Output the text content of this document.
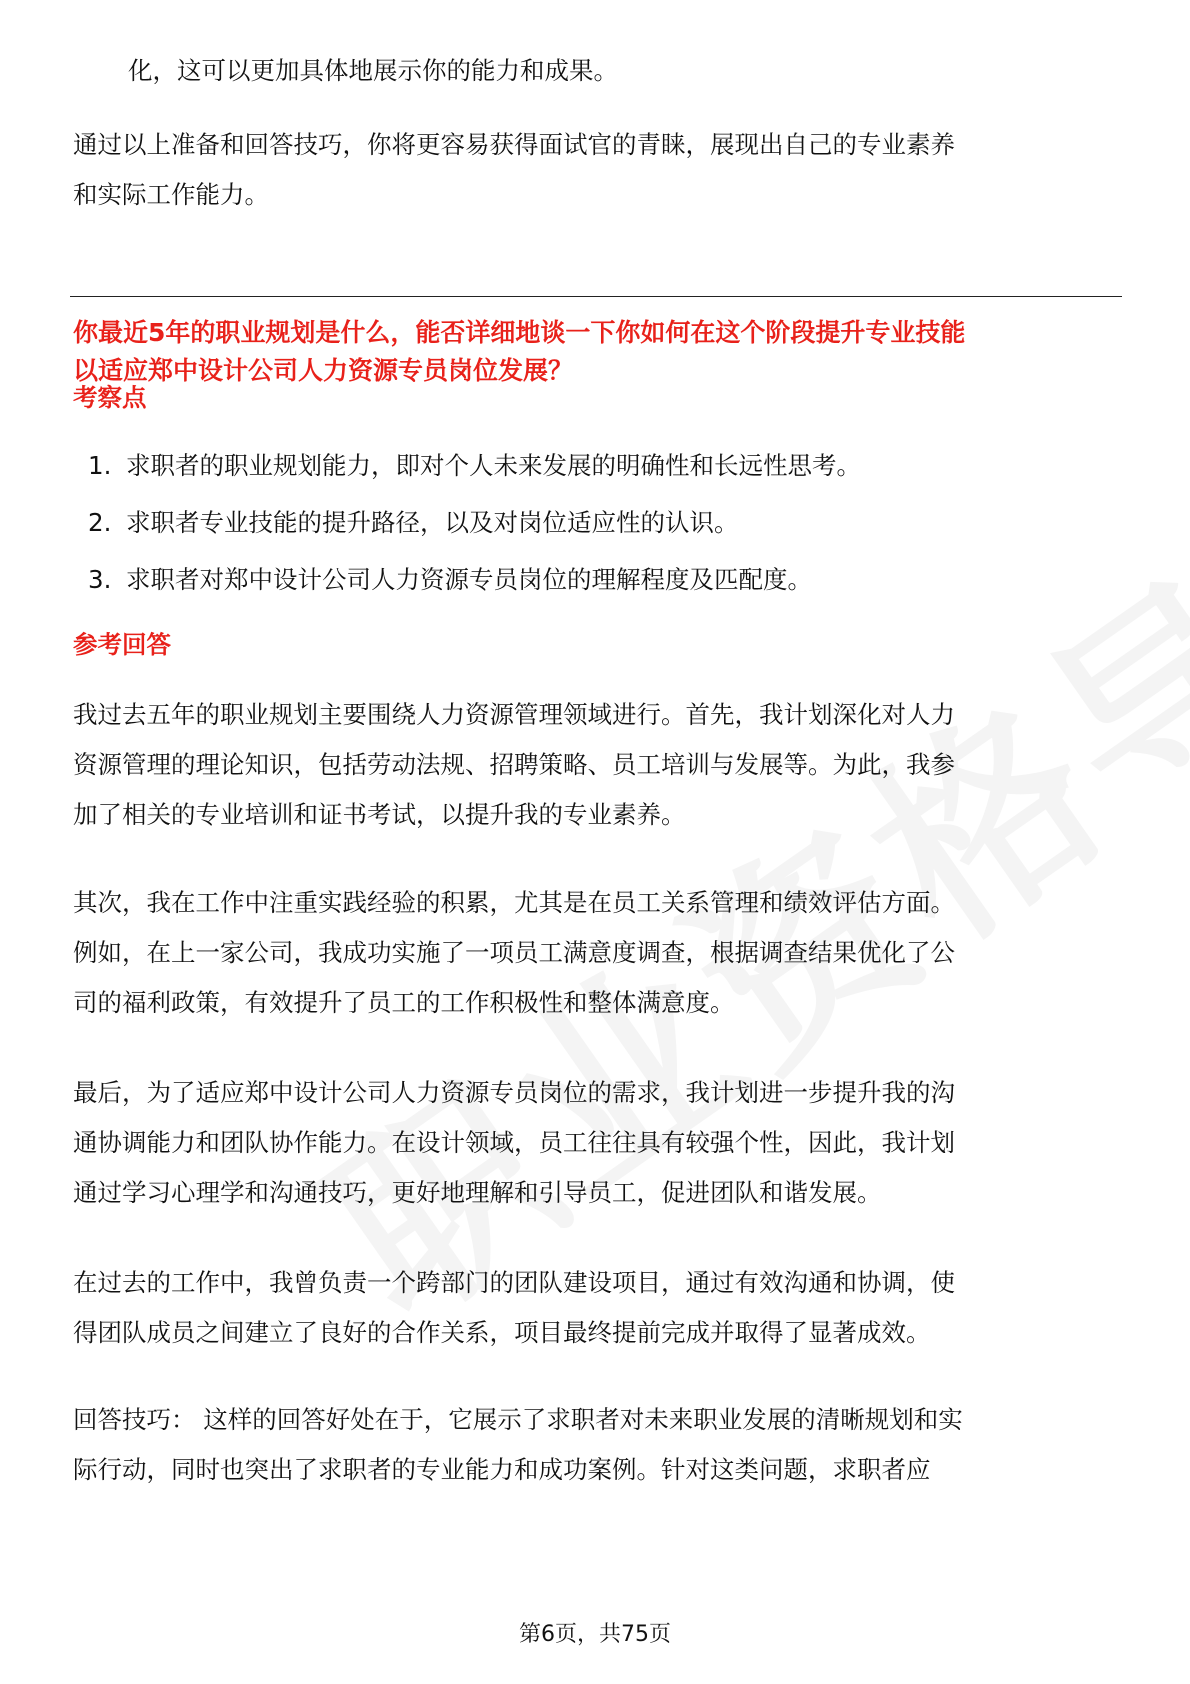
化，这可以更加具体地展示你的能力和成果。

通过以上准备和回答技巧，你将更容易获得面试官的青睐，展现出自己的专业素养
和实际工作能力。

你最近5年的职业规划是什么，能否详细地谈一下你如何在这个阶段提升专业技能
以适应郑中设计公司人力资源专员岗位发展？
考察点
1. 求职者的职业规划能力，即对个人未来发展的明确性和长远性思考。
2. 求职者专业技能的提升路径，以及对岗位适应性的认识。
3. 求职者对郑中设计公司人力资源专员岗位的理解程度及匹配度。
参考回答

我过去五年的职业规划主要围绕人力资源管理领域进行。首先，我计划深化对人力
资源管理的理论知识，包括劳动法规、招聘策略、员工培训与发展等。为此，我参
加了相关的专业培训和证书考试，以提升我的专业素养。

其次，我在工作中注重实践经验的积累，尤其是在员工关系管理和绩效评估方面。
例如，在上一家公司，我成功实施了一项员工满意度调查，根据调查结果优化了公
司的福利政策，有效提升了员工的工作积极性和整体满意度。

最后，为了适应郑中设计公司人力资源专员岗位的需求，我计划进一步提升我的沟
通协调能力和团队协作能力。在设计领域，员工往往具有较强个性，因此，我计划
通过学习心理学和沟通技巧，更好地理解和引导员工，促进团队和谐发展。

在过去的工作中，我曾负责一个跨部门的团队建设项目，通过有效沟通和协调，使
得团队成员之间建立了良好的合作关系，项目最终提前完成并取得了显著成效。

回答技巧： 这样的回答好处在于，它展示了求职者对未来职业发展的清晰规划和实
际行动，同时也突出了求职者的专业能力和成功案例。针对这类问题，求职者应

第6页，共75页
